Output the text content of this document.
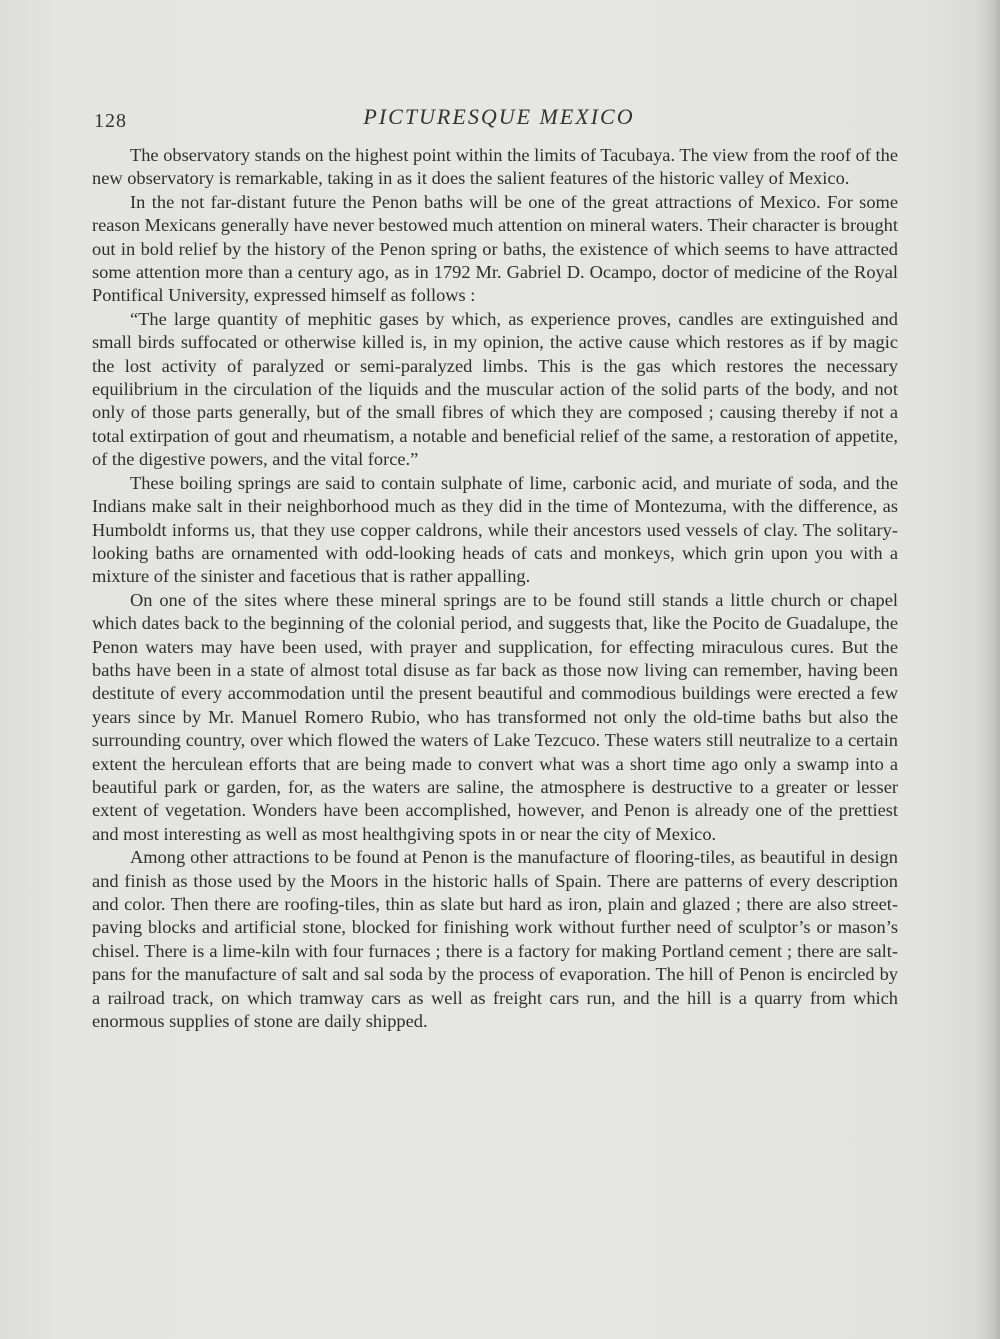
128	PICTURESQUE MEXICO

The observatory stands on the highest point within the limits of Tacubaya. The view from the roof of the new observatory is remarkable, taking in as it does the salient features of the historic valley of Mexico.

In the not far-distant future the Penon baths will be one of the great attractions of Mexico. For some reason Mexicans generally have never bestowed much attention on mineral waters. Their character is brought out in bold relief by the history of the Penon spring or baths, the existence of which seems to have attracted some attention more than a century ago, as in 1792 Mr. Gabriel D. Ocampo, doctor of medicine of the Royal Pontifical University, expressed himself as follows :

“The large quantity of mephitic gases by which, as experience proves, candles are extinguished and small birds suffocated or otherwise killed is, in my opinion, the active cause which restores as if by magic the lost activity of paralyzed or semi-paralyzed limbs. This is the gas which restores the necessary equilibrium in the circulation of the liquids and the muscular action of the solid parts of the body, and not only of those parts generally, but of the small fibres of which they are composed ; causing thereby if not a total extirpation of gout and rheumatism, a notable and beneficial relief of the same, a restoration of appetite, of the digestive powers, and the vital force.”

These boiling springs are said to contain sulphate of lime, carbonic acid, and muriate of soda, and the Indians make salt in their neighborhood much as they did in the time of Montezuma, with the difference, as Humboldt informs us, that they use copper caldrons, while their ancestors used vessels of clay. The solitary-looking baths are ornamented with odd-looking heads of cats and monkeys, which grin upon you with a mixture of the sinister and facetious that is rather appalling.

On one of the sites where these mineral springs are to be found still stands a little church or chapel which dates back to the beginning of the colonial period, and suggests that, like the Pocito de Guadalupe, the Penon waters may have been used, with prayer and supplication, for effecting miraculous cures. But the baths have been in a state of almost total disuse as far back as those now living can remember, having been destitute of every accommodation until the present beautiful and commodious buildings were erected a few years since by Mr. Manuel Romero Rubio, who has transformed not only the old-time baths but also the surrounding country, over which flowed the waters of Lake Tezcuco. These waters still neutralize to a certain extent the herculean efforts that are being made to convert what was a short time ago only a swamp into a beautiful park or garden, for, as the waters are saline, the atmosphere is destructive to a greater or lesser extent of vegetation. Wonders have been accomplished, however, and Penon is already one of the prettiest and most interesting as well as most healthgiving spots in or near the city of Mexico.

Among other attractions to be found at Penon is the manufacture of flooring-tiles, as beautiful in design and finish as those used by the Moors in the historic halls of Spain. There are patterns of every description and color. Then there are roofing-tiles, thin as slate but hard as iron, plain and glazed ; there are also street-paving blocks and artificial stone, blocked for finishing work without further need of sculptor’s or mason’s chisel. There is a lime-kiln with four furnaces ; there is a factory for making Portland cement ; there are salt-pans for the manufacture of salt and sal soda by the process of evaporation. The hill of Penon is encircled by a railroad track, on which tramway cars as well as freight cars run, and the hill is a quarry from which enormous supplies of stone are daily shipped.
